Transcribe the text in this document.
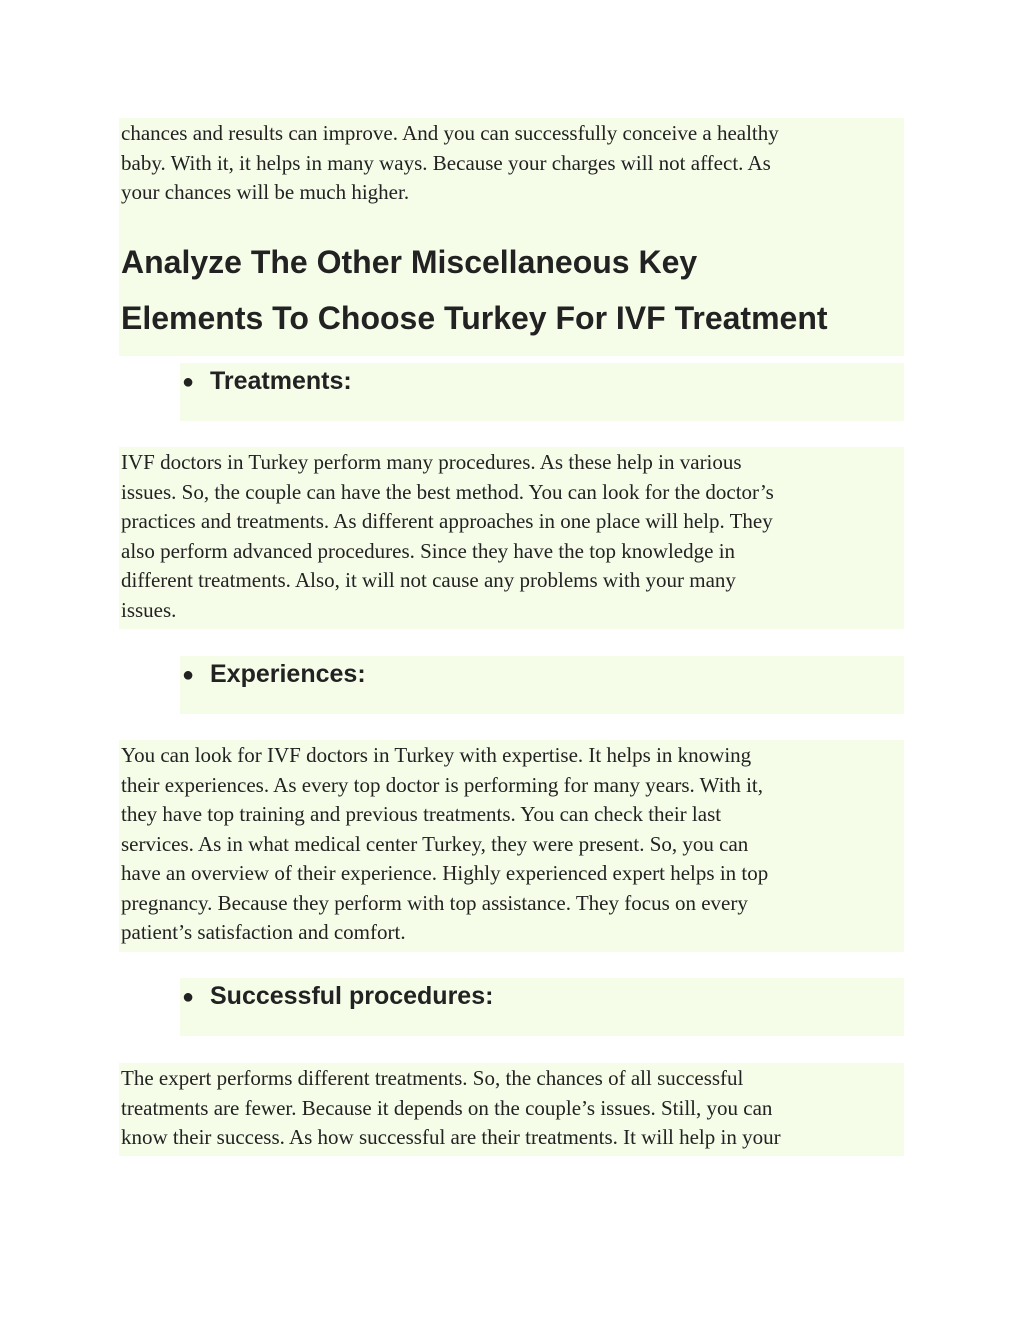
chances and results can improve. And you can successfully conceive a healthy
baby. With it, it helps in many ways. Because your charges will not affect. As
your chances will be much higher.

Analyze The Other Miscellaneous Key
Elements To Choose Turkey For IVF Treatment
● Treatments:

IVF doctors in Turkey perform many procedures. As these help in various
issues. So, the couple can have the best method. You can look for the doctor’s
practices and treatments. As different approaches in one place will help. They
also perform advanced procedures. Since they have the top knowledge in
different treatments. Also, it will not cause any problems with your many
issues.

● Experiences:

You can look for IVF doctors in Turkey with expertise. It helps in knowing
their experiences. As every top doctor is performing for many years. With it,
they have top training and previous treatments. You can check their last
services. As in what medical center Turkey, they were present. So, you can
have an overview of their experience. Highly experienced expert helps in top
pregnancy. Because they perform with top assistance. They focus on every
patient’s satisfaction and comfort.

● Successful procedures:

The expert performs different treatments. So, the chances of all successful
treatments are fewer. Because it depends on the couple’s issues. Still, you can
know their success. As how successful are their treatments. It will help in your
